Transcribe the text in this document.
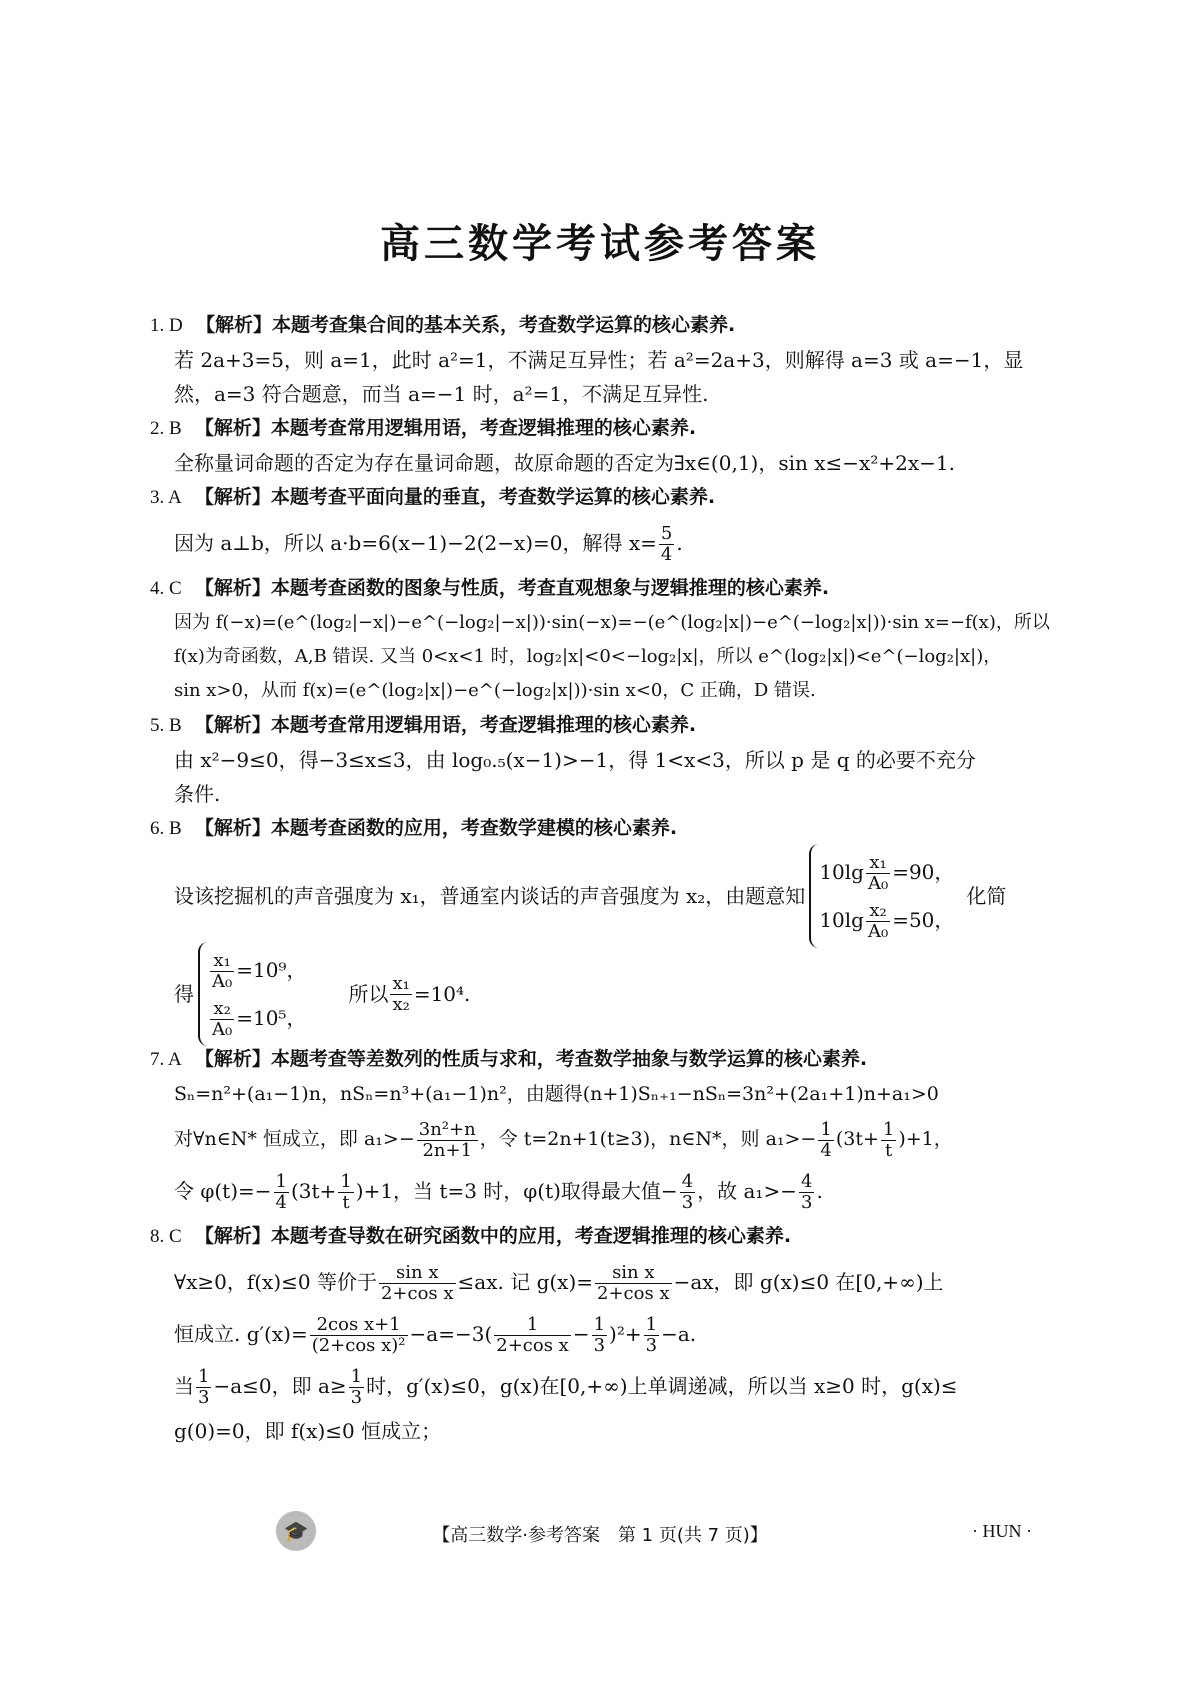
高三数学考试参考答案
1. D 【解析】本题考查集合间的基本关系，考查数学运算的核心素养.
若 2a+3=5，则 a=1，此时 a²=1，不满足互异性；若 a²=2a+3，则解得 a=3 或 a=−1，显
然，a=3 符合题意，而当 a=−1 时，a²=1，不满足互异性.
2. B 【解析】本题考查常用逻辑用语，考查逻辑推理的核心素养.
全称量词命题的否定为存在量词命题，故原命题的否定为∃x∈(0,1)，sin x≤−x²+2x−1.
3. A 【解析】本题考查平面向量的垂直，考查数学运算的核心素养.
因为 a⊥b，所以 a·b=6(x−1)−2(2−x)=0，解得 $x= \frac{5}{4}$ .
4. C 【解析】本题考查函数的图象与性质，考查直观想象与逻辑推理的核心素养.
因为 f(−x)=(e^(log₂|−x|)−e^(−log₂|−x|))·sin(−x)=−(e^(log₂|x|)−e^(−log₂|x|))·sin x=−f(x)，所以
f(x)为奇函数，A,B 错误. 又当 0<x<1 时，log₂|x|<0<−log₂|x|，所以 e^(log₂|x|)<e^(−log₂|x|)，
sin x>0，从而 f(x)=(e^(log₂|x|)−e^(−log₂|x|))·sin x<0，C 正确，D 错误.
5. B 【解析】本题考查常用逻辑用语，考查逻辑推理的核心素养.
由 x²−9≤0，得−3≤x≤3，由 log₀.₅(x−1)>−1，得 1<x<3，所以 p 是 q 的必要不充分
条件.
6. B 【解析】本题考查函数的应用，考查数学建模的核心素养.
设该挖掘机的声音强度为 x₁，普通室内谈话的声音强度为 x₂，由题意知
$10\lg \frac{\text{x₁}}{\text{A₀}} =90$，
$10\lg \frac{\text{x₂}}{\text{A₀}} =50$，
化简
得
$\frac{\text{x₁}}{\text{A₀}} =10^9$，
$\frac{\text{x₂}}{\text{A₀}} =10^5$，
所以 $\frac{\text{x₁}}{\text{x₂}} =10^4$.
7. A 【解析】本题考查等差数列的性质与求和，考查数学抽象与数学运算的核心素养.
Sₙ=n²+(a₁−1)n，nSₙ=n³+(a₁−1)n²，由题得(n+1)Sₙ₊₁−nSₙ=3n²+(2a₁+1)n+a₁>0
对∀n∈N* 恒成立，即 $a_1>- \frac{\text{3n²+n}}{2n+1}$ ，令 t=2n+1(t≥3)，n∈N*，则 $a_1>- \frac{1}{4} (3t+ \frac{1}{t} )+1$，
令 $\varphi(t)=- \frac{1}{4} (3t+ \frac{1}{t} )+1$，当 t=3 时，φ(t)取得最大值− $\frac{4}{3}$ ，故 $a_1>- \frac{4}{3}$ .
8. C 【解析】本题考查导数在研究函数中的应用，考查逻辑推理的核心素养.
∀x≥0，f(x)≤0 等价于 $\frac{\text{sin x}}{\text{2+cos x}} \le ax$. 记 $g(x)= \frac{\text{sin x}}{\text{2+cos x}} -ax$，即 g(x)≤0 在[0,+∞)上
恒成立. $g'(x)= \frac{\text{2cos x+1}}{\text{(2+cos x)²}} -a=-3( \frac{1}{\text{2+cos x}} - \frac{1}{3} )^2+ \frac{1}{3} -a$.
当 $\frac{1}{3} -a\le 0$，即 $a\ge \frac{1}{3}$ 时，g′(x)≤0，g(x)在[0,+∞)上单调递减，所以当 x≥0 时，g(x)≤
g(0)=0，即 f(x)≤0 恒成立；
🎓	【高三数学·参考答案　第 1 页(共 7 页)】	· HUN ·
